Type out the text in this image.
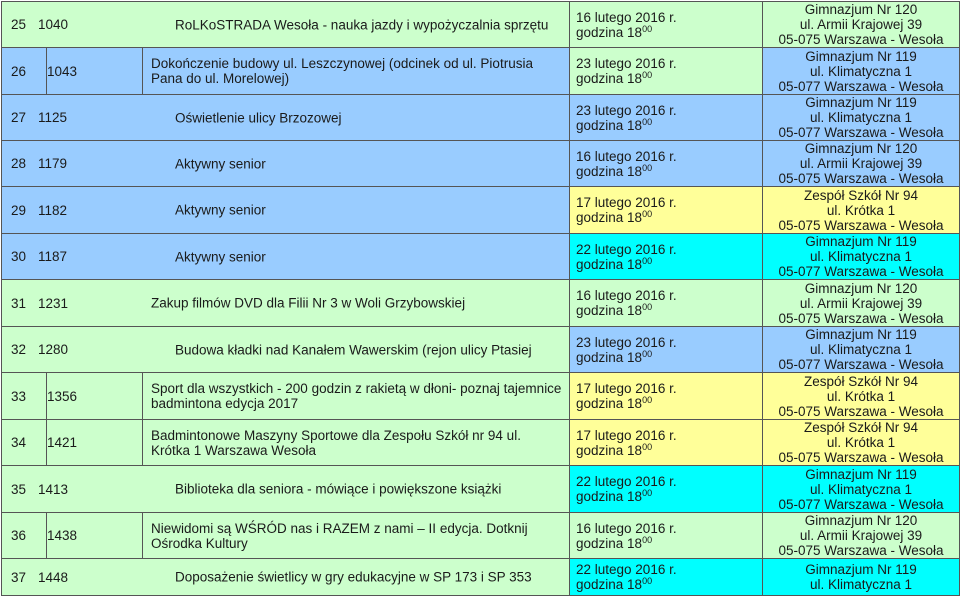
25 1040 RoLKoSTRADA Wesoła - nauka jazdy i wypożyczalnia sprzętu			16 lutego 2016 r.
godzina $18^{00}$	Gimnazjum Nr 120
ul. Armii Krajowej 39
05-075 Warszawa - Wesoła

26	1043	Dokończenie budowy ul. Leszczynowej (odcinek od ul. Piotrusia Pana do ul. Morelowej)	23 lutego 2016 r.
godzina $18^{00}$	Gimnazjum Nr 119
ul. Klimatyczna 1
05-077 Warszawa - Wesoła

27 1125 Oświetlenie ulicy Brzozowej			23 lutego 2016 r.
godzina $18^{00}$	Gimnazjum Nr 119
ul. Klimatyczna 1
05-077 Warszawa - Wesoła

28 1179 Aktywny senior			16 lutego 2016 r.
godzina $18^{00}$	Gimnazjum Nr 120
ul. Armii Krajowej 39
05-075 Warszawa - Wesoła

29 1182 Aktywny senior			17 lutego 2016 r.
godzina $18^{00}$	Zespół Szkół Nr 94
ul. Krótka 1
05-075 Warszawa - Wesoła

30 1187 Aktywny senior			22 lutego 2016 r.
godzina $18^{00}$	Gimnazjum Nr 119
ul. Klimatyczna 1
05-077 Warszawa - Wesoła

31 1231 Zakup filmów DVD dla Filii Nr 3 w Woli Grzybowskiej			16 lutego 2016 r.
godzina $18^{00}$	Gimnazjum Nr 120
ul. Armii Krajowej 39
05-075 Warszawa - Wesoła

32 1280 Budowa kładki nad Kanałem Wawerskim (rejon ulicy Ptasiej			23 lutego 2016 r.
godzina $18^{00}$	Gimnazjum Nr 119
ul. Klimatyczna 1
05-077 Warszawa - Wesoła

33	1356	Sport dla wszystkich - 200 godzin z rakietą w dłoni- poznaj tajemnice badmintona edycja 2017	17 lutego 2016 r.
godzina $18^{00}$	Zespół Szkół Nr 94
ul. Krótka 1
05-075 Warszawa - Wesoła

34	1421	Badmintonowe Maszyny Sportowe dla Zespołu Szkół nr 94 ul. Krótka 1 Warszawa Wesoła	17 lutego 2016 r.
godzina $18^{00}$	Zespół Szkół Nr 94
ul. Krótka 1
05-075 Warszawa - Wesoła

35 1413 Biblioteka dla seniora - mówiące i powiększone książki			22 lutego 2016 r.
godzina $18^{00}$	Gimnazjum Nr 119
ul. Klimatyczna 1
05-077 Warszawa - Wesoła

36	1438	Niewidomi są WŚRÓD nas i RAZEM z nami – II edycja. Dotknij Ośrodka Kultury	16 lutego 2016 r.
godzina $18^{00}$	Gimnazjum Nr 120
ul. Armii Krajowej 39
05-075 Warszawa - Wesoła

37 1448 Doposażenie świetlicy w gry edukacyjne w SP 173 i SP 353			22 lutego 2016 r.
godzina $18^{00}$	Gimnazjum Nr 119
ul. Klimatyczna 1
